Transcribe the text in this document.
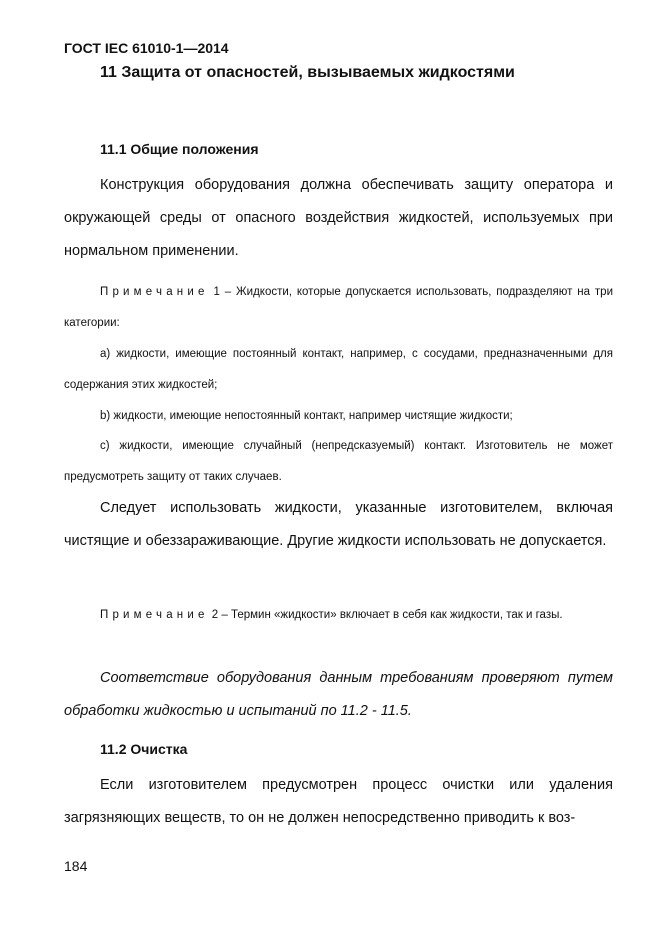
ГОСТ IEC 61010-1—2014
11 Защита от опасностей, вызываемых жидкостями
11.1 Общие положения

Конструкция оборудования должна обеспечивать защиту оператора и окружающей среды от опасного воздействия жидкостей, используемых при нормальном применении.

Примечание 1 – Жидкости, которые допускается использовать, подразделяют на три категории:

а) жидкости, имеющие постоянный контакт, например, с сосудами, предназначенными для содержания этих жидкостей;

b) жидкости, имеющие непостоянный контакт, например чистящие жидкости;

с) жидкости, имеющие случайный (непредсказуемый) контакт. Изготовитель не может предусмотреть защиту от таких случаев.

Следует использовать жидкости, указанные изготовителем, включая чистящие и обеззараживающие. Другие жидкости использовать не допускается.

Примечание 2 – Термин «жидкости» включает в себя как жидкости, так и газы.

Соответствие оборудования данным требованиям проверяют путем обработки жидкостью и испытаний по 11.2 - 11.5.

11.2 Очистка

Если изготовителем предусмотрен процесс очистки или удаления загрязняющих веществ, то он не должен непосредственно приводить к воз-

184
